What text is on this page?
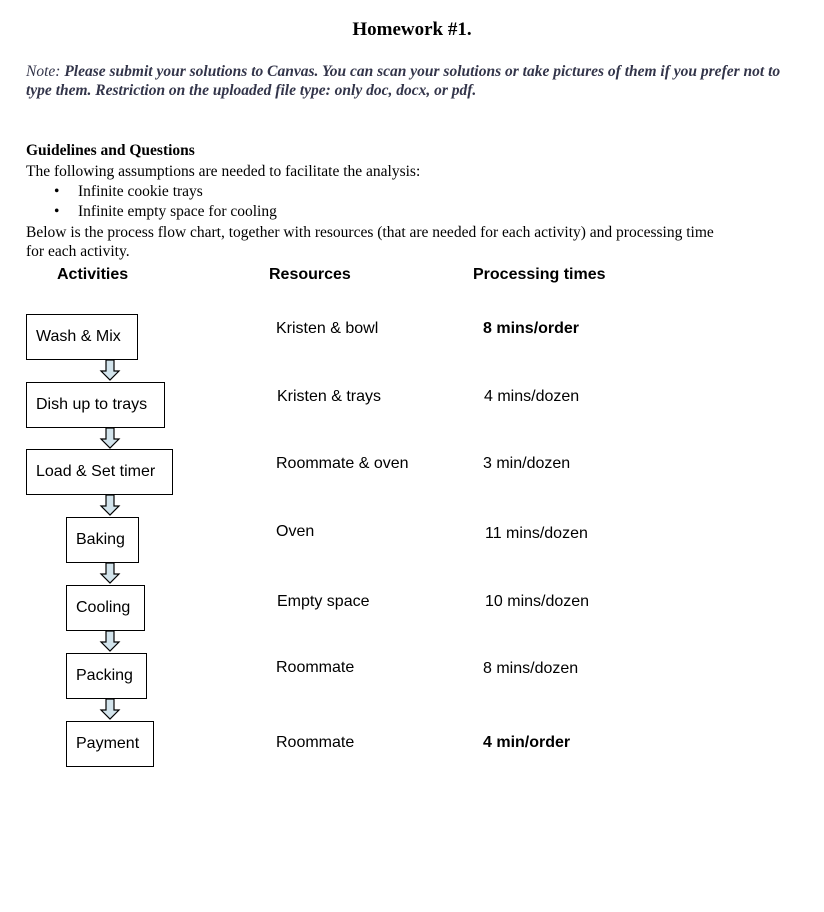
Homework #1.
Note: Please submit your solutions to Canvas. You can scan your solutions or take pictures of them if you prefer not to type them. Restriction on the uploaded file type: only doc, docx, or pdf.
Guidelines and Questions
The following assumptions are needed to facilitate the analysis:
• Infinite cookie trays
• Infinite empty space for cooling
Below is the process flow chart, together with resources (that are needed for each activity) and processing time
for each activity.
Activities	Resources	Processing times
Wash & Mix
Dish up to trays
Load & Set timer
Baking
Cooling
Packing
Payment
Kristen & bowl
Kristen & trays
Roommate & oven
Oven
Empty space
Roommate
Roommate
8 mins/order
4 mins/dozen
3 min/dozen
11 mins/dozen
10 mins/dozen
8 mins/dozen
4 min/order
